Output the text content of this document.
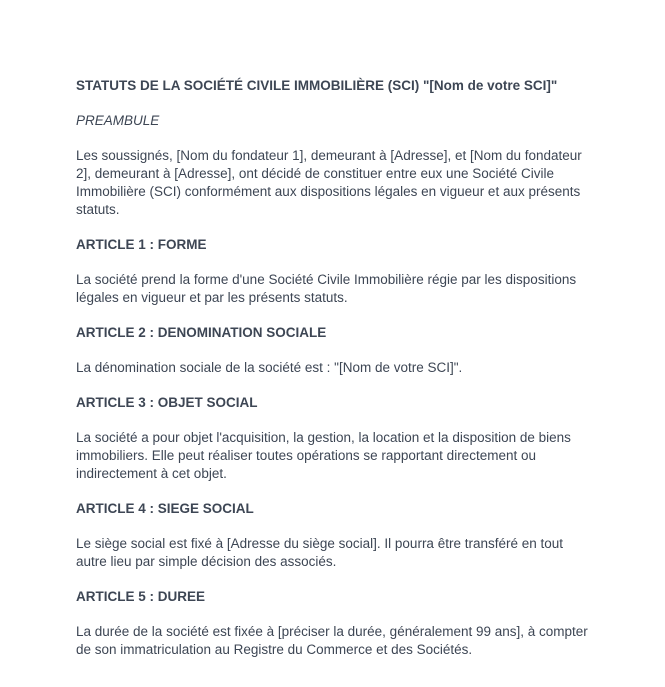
STATUTS DE LA SOCIÉTÉ CIVILE IMMOBILIÈRE (SCI) "[Nom de votre SCI]"

PREAMBULE

Les soussignés, [Nom du fondateur 1], demeurant à [Adresse], et [Nom du fondateur 2], demeurant à [Adresse], ont décidé de constituer entre eux une Société Civile Immobilière (SCI) conformément aux dispositions légales en vigueur et aux présents statuts.

ARTICLE 1 : FORME

La société prend la forme d'une Société Civile Immobilière régie par les dispositions légales en vigueur et par les présents statuts.

ARTICLE 2 : DENOMINATION SOCIALE

La dénomination sociale de la société est : "[Nom de votre SCI]".

ARTICLE 3 : OBJET SOCIAL

La société a pour objet l'acquisition, la gestion, la location et la disposition de biens immobiliers. Elle peut réaliser toutes opérations se rapportant directement ou indirectement à cet objet.

ARTICLE 4 : SIEGE SOCIAL

Le siège social est fixé à [Adresse du siège social]. Il pourra être transféré en tout autre lieu par simple décision des associés.

ARTICLE 5 : DUREE

La durée de la société est fixée à [préciser la durée, généralement 99 ans], à compter de son immatriculation au Registre du Commerce et des Sociétés.
